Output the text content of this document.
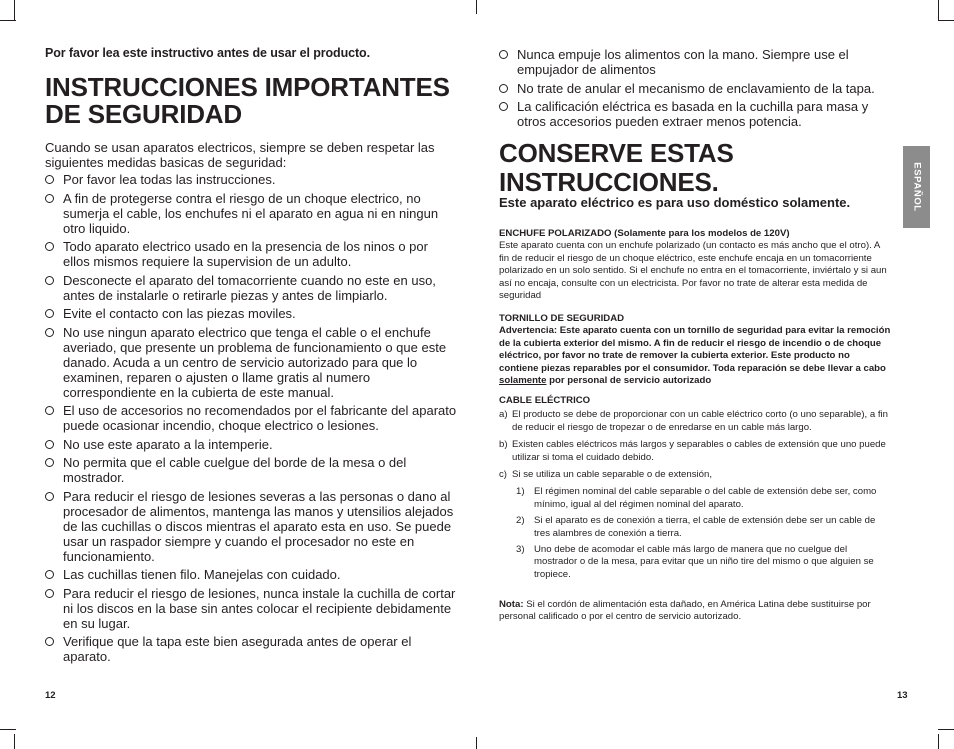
Por favor lea este instructivo antes de usar el producto.
INSTRUCCIONES IMPORTANTES DE SEGURIDAD
Cuando se usan aparatos electricos, siempre se deben respetar las siguientes medidas basicas de seguridad:
Por favor lea todas las instrucciones.
A fin de protegerse contra el riesgo de un choque electrico, no sumerja el cable, los enchufes ni el aparato en agua ni en ningun otro liquido.
Todo aparato electrico usado en la presencia de los ninos o por ellos mismos requiere la supervision de un adulto.
Desconecte el aparato del tomacorriente cuando no este en uso, antes de instalarle o retirarle piezas y antes de limpiarlo.
Evite el contacto con las piezas moviles.
No use ningun aparato electrico que tenga el cable o el enchufe averiado, que presente un problema de funcionamiento o que este danado. Acuda a un centro de servicio autorizado para que lo examinen, reparen o ajusten o llame gratis al numero correspondiente en la cubierta de este manual.
El uso de accesorios no recomendados por el fabricante del aparato puede ocasionar incendio, choque electrico o lesiones.
No use este aparato a la intemperie.
No permita que el cable cuelgue del borde de la mesa o del mostrador.
Para reducir el riesgo de lesiones severas a las personas o dano al procesador de alimentos, mantenga las manos y utensilios alejados de las cuchillas o discos mientras el aparato esta en uso. Se puede usar un raspador siempre y cuando el procesador no este en funcionamiento.
Las cuchillas tienen filo. Manejelas con cuidado.
Para reducir el riesgo de lesiones, nunca instale la cuchilla de cortar ni los discos en la base sin antes colocar el recipiente debidamente en su lugar.
Verifique que la tapa este bien asegurada antes de operar el aparato.
12
Nunca empuje los alimentos con la mano. Siempre use el empujador de alimentos
No trate de anular el mecanismo de enclavamiento de la tapa.
La calificación eléctrica es basada en la cuchilla para masa y otros accesorios pueden extraer menos potencia.
CONSERVE ESTAS INSTRUCCIONES.
Este aparato eléctrico es para uso doméstico solamente.
ENCHUFE POLARIZADO (Solamente para los modelos de 120V)
Este aparato cuenta con un enchufe polarizado (un contacto es más ancho que el otro). A fin de reducir el riesgo de un choque eléctrico, este enchufe encaja en un tomacorriente polarizado en un solo sentido. Si el enchufe no entra en el tomacorriente, inviértalo y si aun así no encaja, consulte con un electricista. Por favor no trate de alterar esta medida de seguridad
TORNILLO DE SEGURIDAD
Advertencia: Este aparato cuenta con un tornillo de seguridad para evitar la remoción de la cubierta exterior del mismo. A fin de reducir el riesgo de incendio o de choque eléctrico, por favor no trate de remover la cubierta exterior. Este producto no contiene piezas reparables por el consumidor. Toda reparación se debe llevar a cabo solamente por personal de servicio autorizado
CABLE ELÉCTRICO
a) El producto se debe de proporcionar con un cable eléctrico corto (o uno separable), a fin de reducir el riesgo de tropezar o de enredarse en un cable más largo.
b) Existen cables eléctricos más largos y separables o cables de extensión que uno puede utilizar si toma el cuidado debido.
c) Si se utiliza un cable separable o de extensión,
1) El régimen nominal del cable separable o del cable de extensión debe ser, como mínimo, igual al del régimen nominal del aparato.
2) Si el aparato es de conexión a tierra, el cable de extensión debe ser un cable de tres alambres de conexión a tierra.
3) Uno debe de acomodar el cable más largo de manera que no cuelgue del mostrador o de la mesa, para evitar que un niño tire del mismo o que alguien se tropiece.
Nota: Si el cordón de alimentación esta dañado, en América Latina debe sustituirse por personal calificado o por el centro de servicio autorizado.
ESPAÑOL
13
